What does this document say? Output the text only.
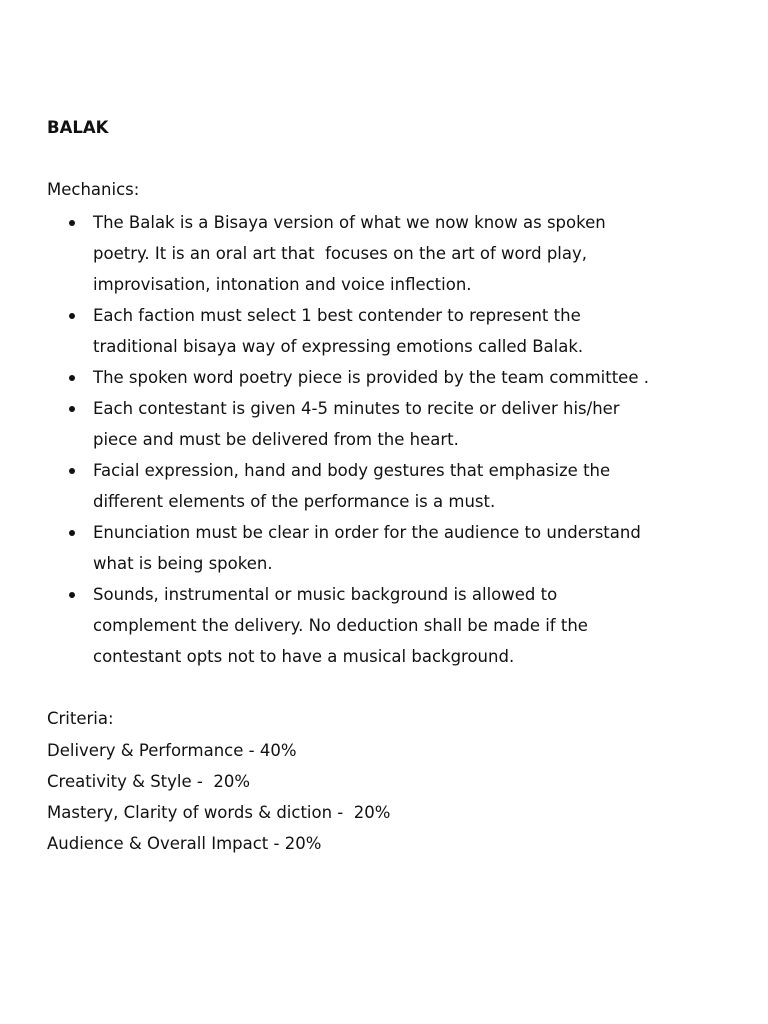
BALAK

Mechanics:

The Balak is a Bisaya version of what we now know as spoken
poetry. It is an oral art that  focuses on the art of word play,
improvisation, intonation and voice inflection.
Each faction must select 1 best contender to represent the
traditional bisaya way of expressing emotions called Balak.
The spoken word poetry piece is provided by the team committee .
Each contestant is given 4-5 minutes to recite or deliver his/her
piece and must be delivered from the heart.
Facial expression, hand and body gestures that emphasize the
different elements of the performance is a must.
Enunciation must be clear in order for the audience to understand
what is being spoken.
Sounds, instrumental or music background is allowed to
complement the delivery. No deduction shall be made if the
contestant opts not to have a musical background.

Criteria:

Delivery & Performance - 40%
Creativity & Style -  20%
Mastery, Clarity of words & diction -  20%
Audience & Overall Impact - 20%
